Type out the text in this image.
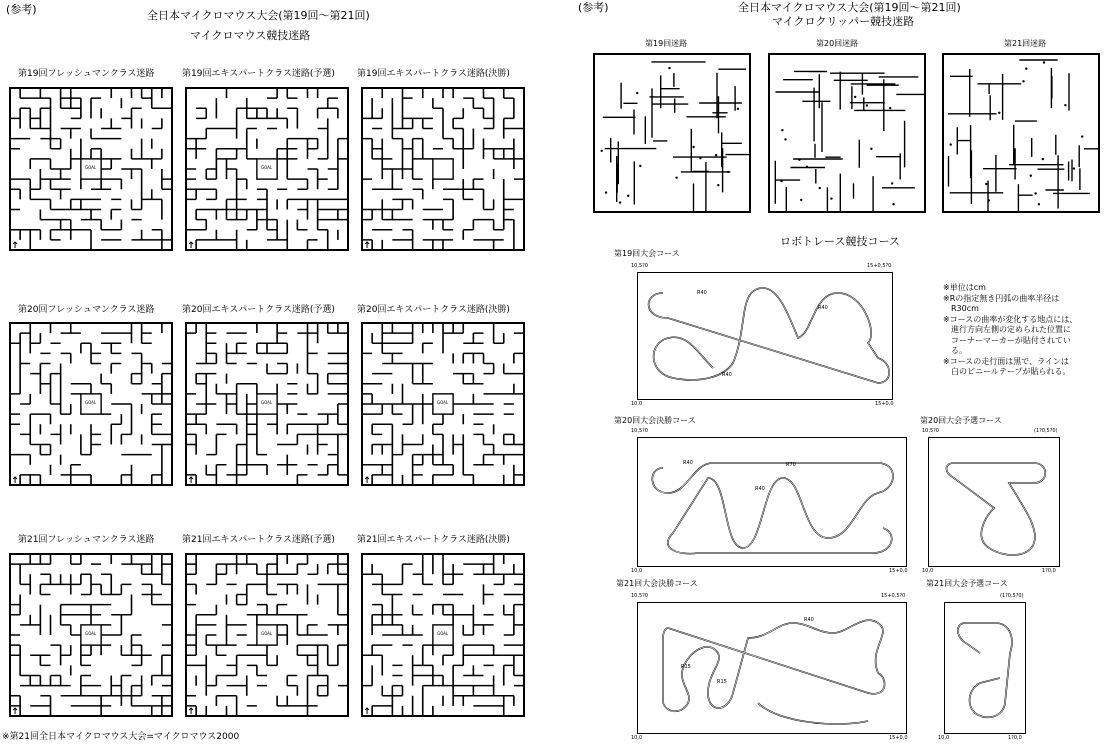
(参考)	全日本マイクロマウス大会(第19回〜第21回)
マイクロマウス競技迷路
第19回フレッシュマンクラス迷路
GOAL
第19回エキスパートクラス迷路(予選)
GOAL
第19回エキスパートクラス迷路(決勝)
第20回フレッシュマンクラス迷路
GOAL
第20回エキスパートクラス迷路(予選)
GOAL
第20回エキスパートクラス迷路(決勝)
GOAL
第21回フレッシュマンクラス迷路
GOAL
第21回エキスパートクラス迷路(予選)
GOAL
第21回エキスパートクラス迷路(決勝)
GOAL
※第21回全日本マイクロマウス大会=マイクロマウス2000
(参考)	全日本マイクロマウス大会(第19回〜第21回)
マイクロクリッパー競技迷路
第19回迷路	第20回迷路	第21回迷路
ロボトレース競技コース
第19回大会コース
10,5?0	15+0,5?0
10,0	15+0,0
第20回大会決勝コース
10,5?0
10,0	15+0,0
第20回大会予選コース
10,5?0	(1?0,5?0)
10,0	1?0,0
第21回大会決勝コース
10,5?0	15+0,5?0
10,0	15+0,0
第21回大会予選コース
(1?0,5?0)
10,0	1?0,0
R40
R40
R40
R40	R70
R40
R40
R15
R15
※単位はcm
※Rの指定無き円弧の曲率半径は
　R30cm
※コースの曲率が変化する地点には、
　進行方向左側の定められた位置に
　コーナーマーカーが貼付されてい
　る。
※コースの走行面は黒で、ラインは
　白のビニールテープが貼られる。
